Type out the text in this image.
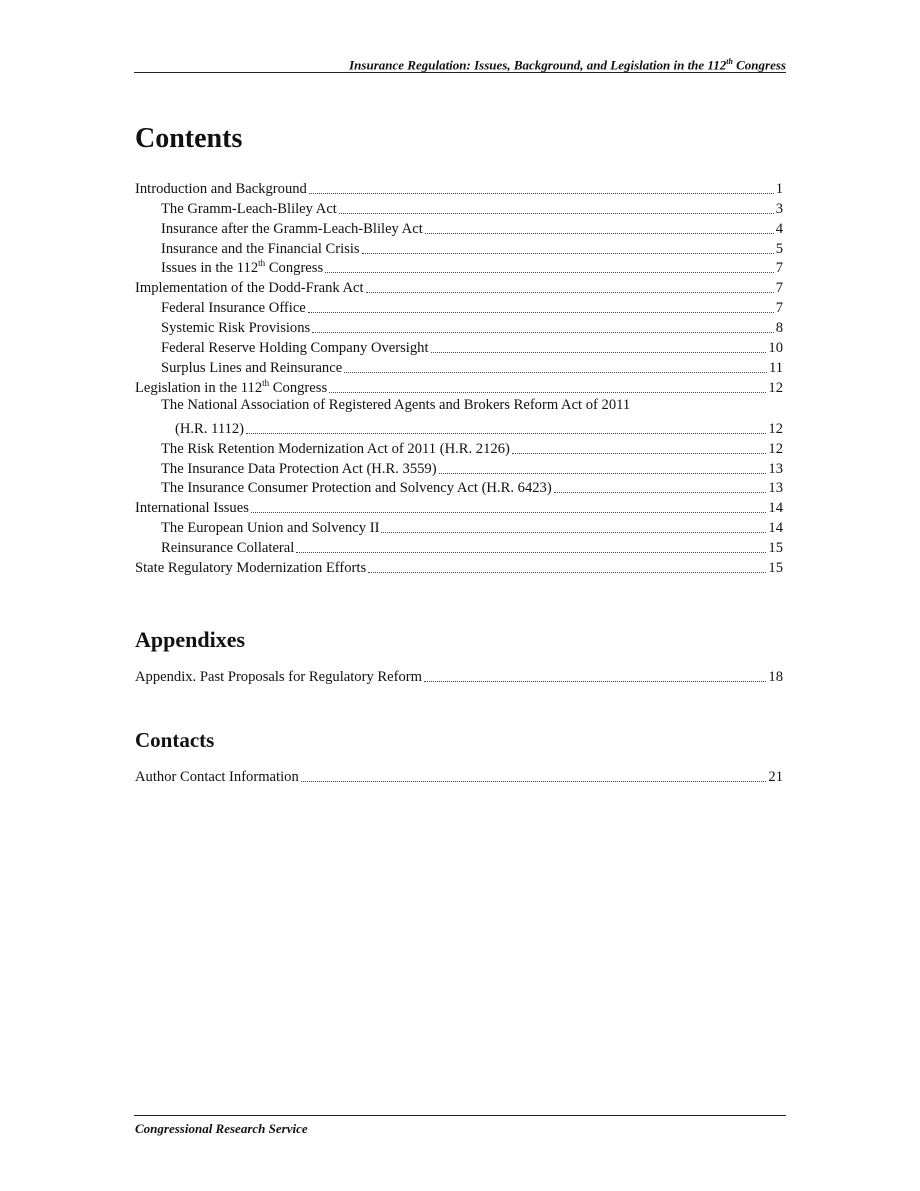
Insurance Regulation: Issues, Background, and Legislation in the 112th Congress
Contents
Introduction and Background	1
The Gramm-Leach-Bliley Act	3
Insurance after the Gramm-Leach-Bliley Act	4
Insurance and the Financial Crisis	5
Issues in the 112th Congress	7
Implementation of the Dodd-Frank Act	7
Federal Insurance Office	7
Systemic Risk Provisions	8
Federal Reserve Holding Company Oversight	10
Surplus Lines and Reinsurance	11
Legislation in the 112th Congress	12
The National Association of Registered Agents and Brokers Reform Act of 2011
(H.R. 1112)	12
The Risk Retention Modernization Act of 2011 (H.R. 2126)	12
The Insurance Data Protection Act (H.R. 3559)	13
The Insurance Consumer Protection and Solvency Act (H.R. 6423)	13
International Issues	14
The European Union and Solvency II	14
Reinsurance Collateral	15
State Regulatory Modernization Efforts	15
Appendixes
Appendix. Past Proposals for Regulatory Reform	18
Contacts
Author Contact Information	21
Congressional Research Service
